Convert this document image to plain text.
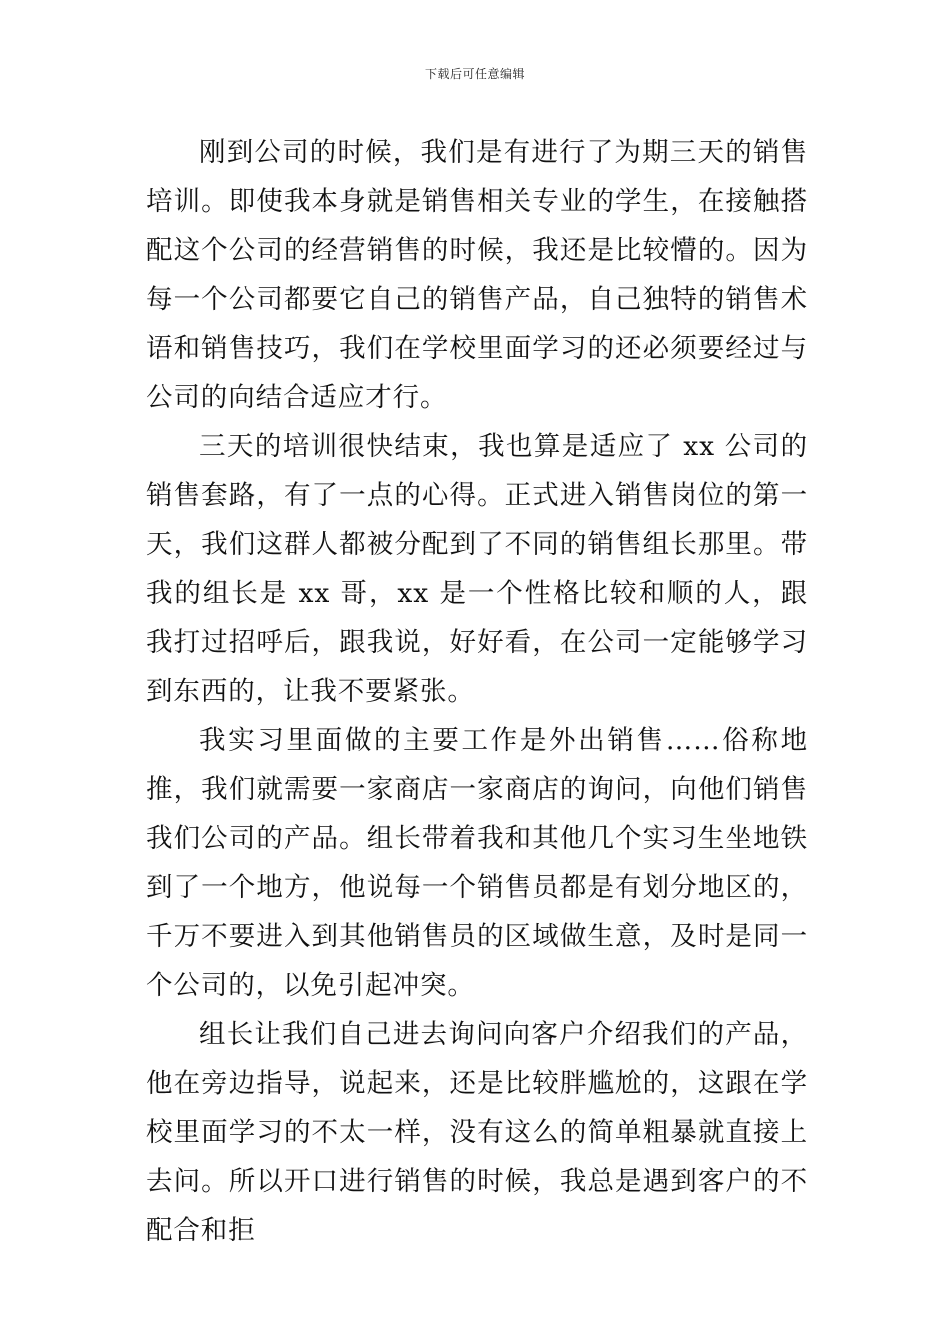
下载后可任意编辑

刚到公司的时候，我们是有进行了为期三天的销售培训。即使我本身就是销售相关专业的学生，在接触搭配这个公司的经营销售的时候，我还是比较懵的。因为每一个公司都要它自己的销售产品，自己独特的销售术语和销售技巧，我们在学校里面学习的还必须要经过与公司的向结合适应才行。

三天的培训很快结束，我也算是适应了 xx 公司的销售套路，有了一点的心得。正式进入销售岗位的第一天，我们这群人都被分配到了不同的销售组长那里。带我的组长是 xx 哥，xx 是一个性格比较和顺的人，跟我打过招呼后，跟我说，好好看，在公司一定能够学习到东西的，让我不要紧张。

我实习里面做的主要工作是外出销售……俗称地推，我们就需要一家商店一家商店的询问，向他们销售我们公司的产品。组长带着我和其他几个实习生坐地铁到了一个地方，他说每一个销售员都是有划分地区的，千万不要进入到其他销售员的区域做生意，及时是同一个公司的，以免引起冲突。

组长让我们自己进去询问向客户介绍我们的产品，他在旁边指导，说起来，还是比较胖尴尬的，这跟在学校里面学习的不太一样，没有这么的简单粗暴就直接上去问。所以开口进行销售的时候，我总是遇到客户的不配合和拒
